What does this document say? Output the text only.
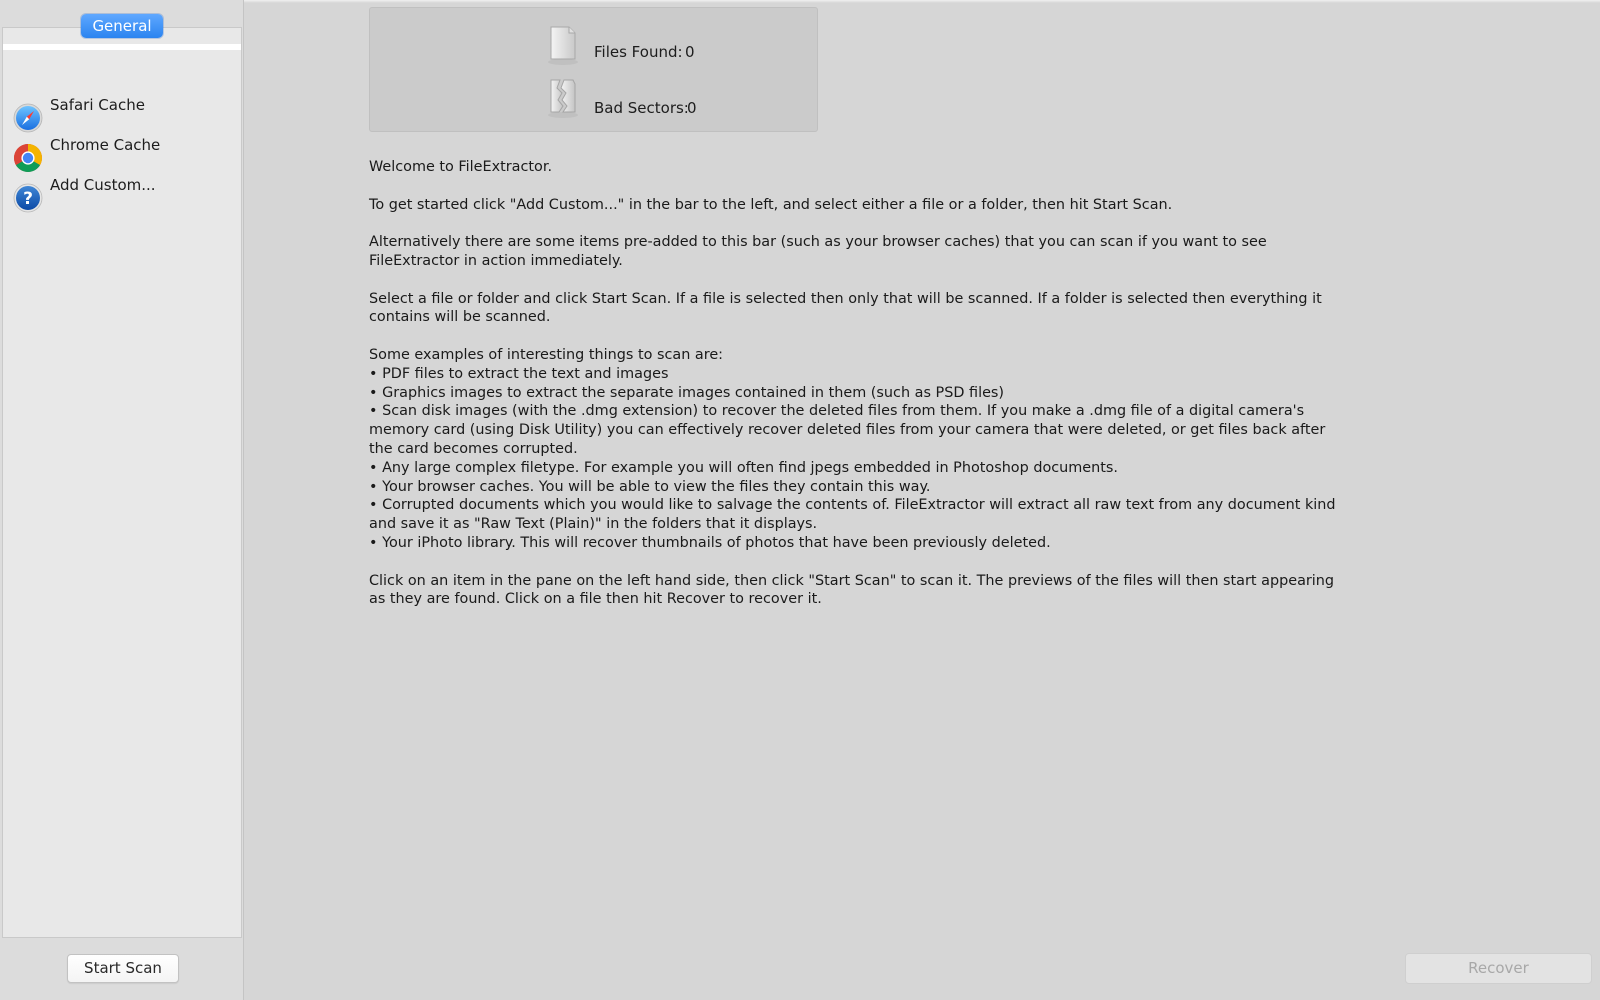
Safari Cache
Chrome Cache
?
Add Custom...
General
Start Scan
Files Found: 0
Bad Sectors:
0

Welcome to FileExtractor.

To get started click "Add Custom..." in the bar to the left, and select either a file or a folder, then hit Start Scan.

Alternatively there are some items pre-added to this bar (such as your browser caches) that you can scan if you want to see FileExtractor in action immediately.

Select a file or folder and click Start Scan. If a file is selected then only that will be scanned. If a folder is selected then everything it contains will be scanned.

Some examples of interesting things to scan are:
• PDF files to extract the text and images
• Graphics images to extract the separate images contained in them (such as PSD files)
• Scan disk images (with the .dmg extension) to recover the deleted files from them. If you make a .dmg file of a digital camera's memory card (using Disk Utility) you can effectively recover deleted files from your camera that were deleted, or get files back after the card becomes corrupted.
• Any large complex filetype. For example you will often find jpegs embedded in Photoshop documents.
• Your browser caches. You will be able to view the files they contain this way.
• Corrupted documents which you would like to salvage the contents of. FileExtractor will extract all raw text from any document kind and save it as "Raw Text (Plain)" in the folders that it displays.
• Your iPhoto library. This will recover thumbnails of photos that have been previously deleted.

Click on an item in the pane on the left hand side, then click "Start Scan" to scan it. The previews of the files will then start appearing as they are found. Click on a file then hit Recover to recover it.

Recover
